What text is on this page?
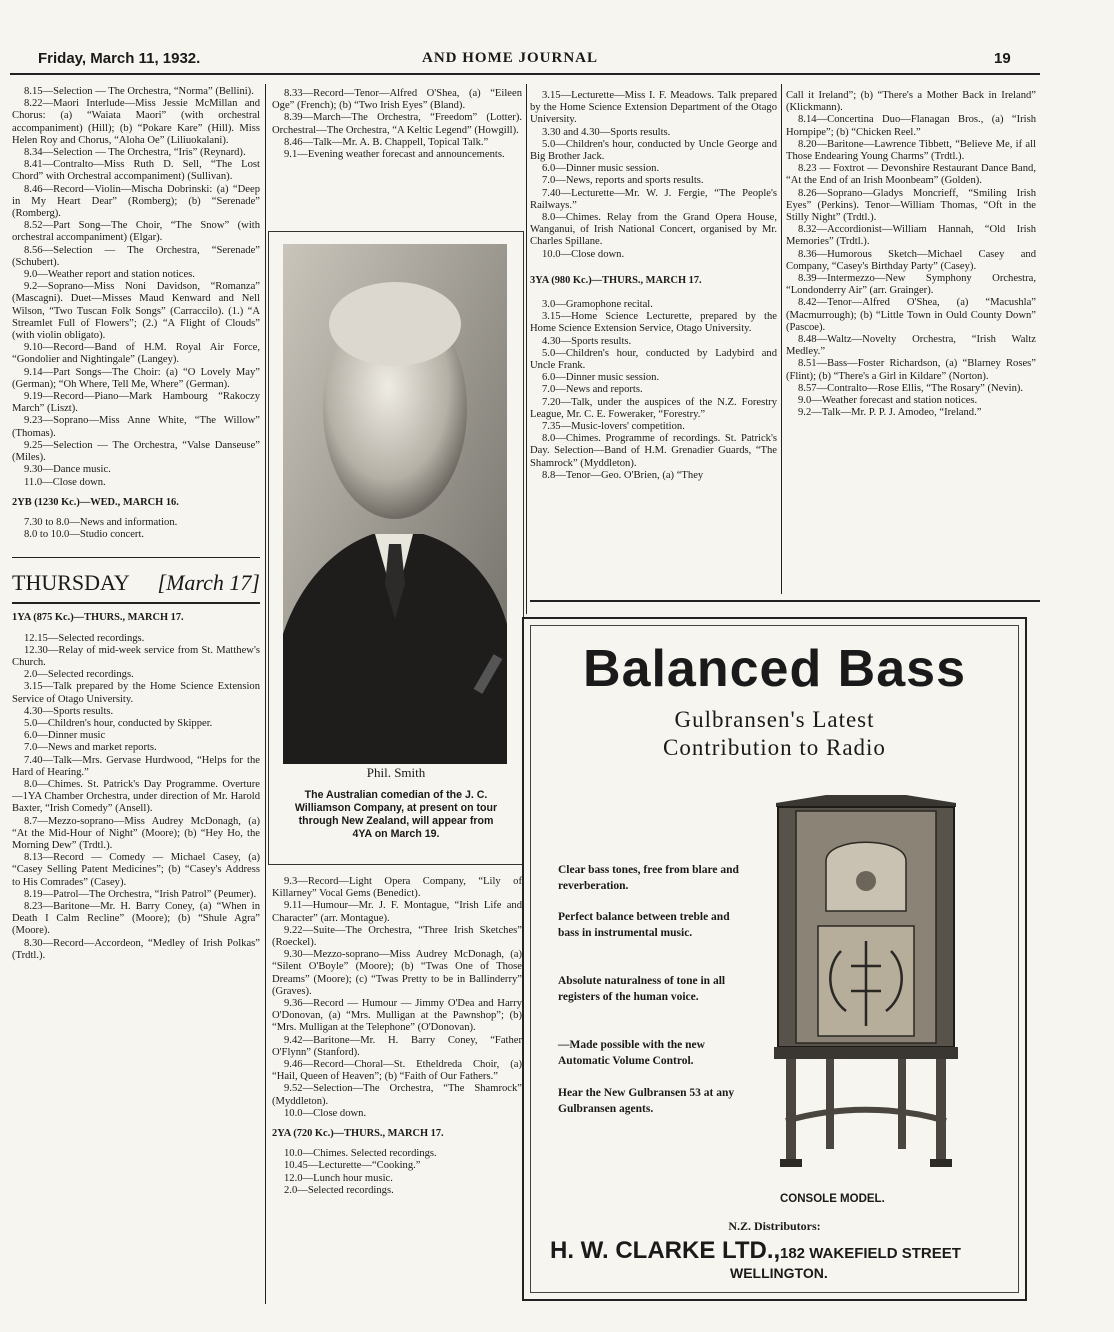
Friday, March 11, 1932.	AND HOME JOURNAL	19

8.15—Selection — The Orchestra, “Norma” (Bellini).

8.22—Maori Interlude—Miss Jessie McMillan and Chorus: (a) “Waiata Maori” (with orchestral accompaniment) (Hill); (b) “Pokare Kare” (Hill). Miss Helen Roy and Chorus, “Aloha Oe” (Liliuokalani).

8.34—Selection — The Orchestra, “Iris” (Reynard).

8.41—Contralto—Miss Ruth D. Sell, “The Lost Chord” with Orchestral accompaniment) (Sullivan).

8.46—Record—Violin—Mischa Dobrinski: (a) “Deep in My Heart Dear” (Romberg); (b) “Serenade” (Romberg).

8.52—Part Song—The Choir, “The Snow” (with orchestral accompaniment) (Elgar).

8.56—Selection — The Orchestra, “Serenade” (Schubert).

9.0—Weather report and station notices.

9.2—Soprano—Miss Noni Davidson, “Romanza” (Mascagni). Duet—Misses Maud Kenward and Nell Wilson, “Two Tuscan Folk Songs” (Carraccilo). (1.) “A Streamlet Full of Flowers”; (2.) “A Flight of Clouds” (with violin obligato).

9.10—Record—Band of H.M. Royal Air Force, “Gondolier and Nightingale” (Langey).

9.14—Part Songs—The Choir: (a) “O Lovely May” (German); “Oh Where, Tell Me, Where” (German).

9.19—Record—Piano—Mark Hambourg “Rakoczy March” (Liszt).

9.23—Soprano—Miss Anne White, “The Willow” (Thomas).

9.25—Selection — The Orchestra, “Valse Danseuse” (Miles).

9.30—Dance music.

11.0—Close down.

2YB (1230 Kc.)—WED., MARCH 16.

7.30 to 8.0—News and information.

8.0 to 10.0—Studio concert.

THURSDAY [March 17]

1YA (875 Kc.)—THURS., MARCH 17.

12.15—Selected recordings.

12.30—Relay of mid-week service from St. Matthew's Church.

2.0—Selected recordings.

3.15—Talk prepared by the Home Science Extension Service of Otago University.

4.30—Sports results.

5.0—Children's hour, conducted by Skipper.

6.0—Dinner music

7.0—News and market reports.

7.40—Talk—Mrs. Gervase Hurdwood, “Helps for the Hard of Hearing.”

8.0—Chimes. St. Patrick's Day Programme. Overture—1YA Chamber Orchestra, under direction of Mr. Harold Baxter, “Irish Comedy” (Ansell).

8.7—Mezzo-soprano—Miss Audrey McDonagh, (a) “At the Mid-Hour of Night” (Moore); (b) “Hey Ho, the Morning Dew” (Trdtl.).

8.13—Record — Comedy — Michael Casey, (a) “Casey Selling Patent Medicines”; (b) “Casey's Address to His Comrades” (Casey).

8.19—Patrol—The Orchestra, “Irish Patrol” (Peumer).

8.23—Baritone—Mr. H. Barry Coney, (a) “When in Death I Calm Recline” (Moore); (b) “Shule Agra” (Moore).

8.30—Record—Accordeon, “Medley of Irish Polkas” (Trdtl.).

8.33—Record—Tenor—Alfred O'Shea, (a) “Eileen Oge” (French); (b) “Two Irish Eyes” (Bland).

8.39—March—The Orchestra, “Freedom” (Lotter). Orchestral—The Orchestra, “A Keltic Legend” (Howgill).

8.46—Talk—Mr. A. B. Chappell, Topical Talk.”

9.1—Evening weather forecast and announcements.

Phil. Smith
The Australian comedian of the J. C. Williamson Company, at present on tour through New Zealand, will appear from 4YA on March 19.

9.3—Record—Light Opera Company, “Lily of Killarney” Vocal Gems (Benedict).

9.11—Humour—Mr. J. F. Montague, “Irish Life and Character” (arr. Montague).

9.22—Suite—The Orchestra, “Three Irish Sketches” (Roeckel).

9.30—Mezzo-soprano—Miss Audrey McDonagh, (a) “Silent O'Boyle” (Moore); (b) “Twas One of Those Dreams” (Moore); (c) “Twas Pretty to be in Ballinderry” (Graves).

9.36—Record — Humour — Jimmy O'Dea and Harry O'Donovan, (a) “Mrs. Mulligan at the Pawnshop”; (b) “Mrs. Mulligan at the Telephone” (O'Donovan).

9.42—Baritone—Mr. H. Barry Coney, “Father O'Flynn” (Stanford).

9.46—Record—Choral—St. Etheldreda Choir, (a) “Hail, Queen of Heaven”; (b) “Faith of Our Fathers.”

9.52—Selection—The Orchestra, “The Shamrock” (Myddleton).

10.0—Close down.

2YA (720 Kc.)—THURS., MARCH 17.

10.0—Chimes. Selected recordings.

10.45—Lecturette—“Cooking.”

12.0—Lunch hour music.

2.0—Selected recordings.

3.15—Lecturette—Miss I. F. Meadows. Talk prepared by the Home Science Extension Department of the Otago University.

3.30 and 4.30—Sports results.

5.0—Children's hour, conducted by Uncle George and Big Brother Jack.

6.0—Dinner music session.

7.0—News, reports and sports results.

7.40—Lecturette—Mr. W. J. Fergie, “The People's Railways.”

8.0—Chimes. Relay from the Grand Opera House, Wanganui, of Irish National Concert, organised by Mr. Charles Spillane.

10.0—Close down.

3YA (980 Kc.)—THURS., MARCH 17.

3.0—Gramophone recital.

3.15—Home Science Lecturette, prepared by the Home Science Extension Service, Otago University.

4.30—Sports results.

5.0—Children's hour, conducted by Ladybird and Uncle Frank.

6.0—Dinner music session.

7.0—News and reports.

7.20—Talk, under the auspices of the N.Z. Forestry League, Mr. C. E. Foweraker, “Forestry.”

7.35—Music-lovers' competition.

8.0—Chimes. Programme of recordings. St. Patrick's Day. Selection—Band of H.M. Grenadier Guards, “The Shamrock” (Myddleton).

8.8—Tenor—Geo. O'Brien, (a) “They

Call it Ireland”; (b) “There's a Mother Back in Ireland” (Klickmann).

8.14—Concertina Duo—Flanagan Bros., (a) “Irish Hornpipe”; (b) “Chicken Reel.”

8.20—Baritone—Lawrence Tibbett, “Believe Me, if all Those Endearing Young Charms” (Trdtl.).

8.23 — Foxtrot — Devonshire Restaurant Dance Band, “At the End of an Irish Moonbeam” (Golden).

8.26—Soprano—Gladys Moncrieff, “Smiling Irish Eyes” (Perkins). Tenor—William Thomas, “Oft in the Stilly Night” (Trdtl.).

8.32—Accordionist—William Hannah, “Old Irish Memories” (Trdtl.).

8.36—Humorous Sketch—Michael Casey and Company, “Casey's Birthday Party” (Casey).

8.39—Intermezzo—New Symphony Orchestra, “Londonderry Air” (arr. Grainger).

8.42—Tenor—Alfred O'Shea, (a) “Macushla” (Macmurrough); (b) “Little Town in Ould County Down” (Pascoe).

8.48—Waltz—Novelty Orchestra, “Irish Waltz Medley.”

8.51—Bass—Foster Richardson, (a) “Blarney Roses” (Flint); (b) “There's a Girl in Kildare” (Norton).

8.57—Contralto—Rose Ellis, “The Rosary” (Nevin).

9.0—Weather forecast and station notices.

9.2—Talk—Mr. P. P. J. Amodeo, “Ireland.”

Balanced Bass
Gulbransen's Latest
Contribution to Radio
Clear bass tones, free from blare and reverberation.
Perfect balance between treble and bass in instrumental music.
Absolute naturalness of tone in all registers of the human voice.
—Made possible with the new Automatic Volume Control.
Hear the New Gulbransen 53 at any Gulbransen agents.
CONSOLE MODEL.
N.Z. Distributors:
H. W. CLARKE LTD., 182 WAKEFIELD STREET
WELLINGTON.
